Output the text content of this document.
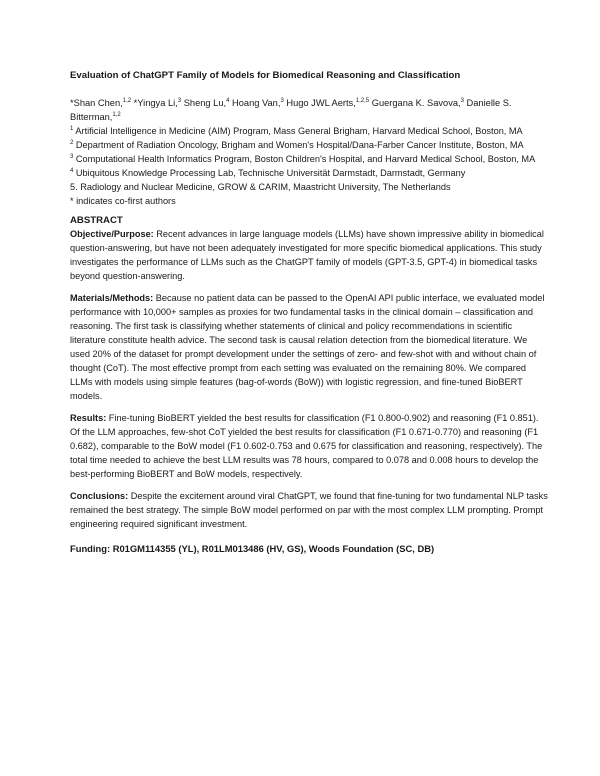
Evaluation of ChatGPT Family of Models for Biomedical Reasoning and Classification
*Shan Chen,$^{1,2}$ *Yingya Li,$^3$ Sheng Lu,$^4$ Hoang Van,$^3$ Hugo JWL Aerts,$^{1,2,5}$ Guergana K. Savova,$^3$ Danielle S. Bitterman,$^{1,2}$
$^1$ Artificial Intelligence in Medicine (AIM) Program, Mass General Brigham, Harvard Medical School, Boston, MA
$^2$ Department of Radiation Oncology, Brigham and Women's Hospital/Dana-Farber Cancer Institute, Boston, MA
$^3$ Computational Health Informatics Program, Boston Children's Hospital, and Harvard Medical School, Boston, MA
$^4$ Ubiquitous Knowledge Processing Lab, Technische Universität Darmstadt, Darmstadt, Germany
5. Radiology and Nuclear Medicine, GROW & CARIM, Maastricht University, The Netherlands
* indicates co-first authors
ABSTRACT

Objective/Purpose: Recent advances in large language models (LLMs) have shown impressive ability in biomedical question-answering, but have not been adequately investigated for more specific biomedical applications. This study investigates the performance of LLMs such as the ChatGPT family of models (GPT-3.5, GPT-4) in biomedical tasks beyond question-answering.

Materials/Methods: Because no patient data can be passed to the OpenAI API public interface, we evaluated model performance with 10,000+ samples as proxies for two fundamental tasks in the clinical domain – classification and reasoning. The first task is classifying whether statements of clinical and policy recommendations in scientific literature constitute health advice. The second task is causal relation detection from the biomedical literature. We used 20% of the dataset for prompt development under the settings of zero- and few-shot with and without chain of thought (CoT). The most effective prompt from each setting was evaluated on the remaining 80%. We compared LLMs with models using simple features (bag-of-words (BoW)) with logistic regression, and fine-tuned BioBERT models.

Results: Fine-tuning BioBERT yielded the best results for classification (F1 0.800-0.902) and reasoning (F1 0.851). Of the LLM approaches, few-shot CoT yielded the best results for classification (F1 0.671-0.770) and reasoning (F1 0.682), comparable to the BoW model (F1 0.602-0.753 and 0.675 for classification and reasoning, respectively). The total time needed to achieve the best LLM results was 78 hours, compared to 0.078 and 0.008 hours to develop the best-performing BioBERT and BoW models, respectively.

Conclusions: Despite the excitement around viral ChatGPT, we found that fine-tuning for two fundamental NLP tasks remained the best strategy. The simple BoW model performed on par with the most complex LLM prompting. Prompt engineering required significant investment.

Funding: R01GM114355 (YL), R01LM013486 (HV, GS), Woods Foundation (SC, DB)
